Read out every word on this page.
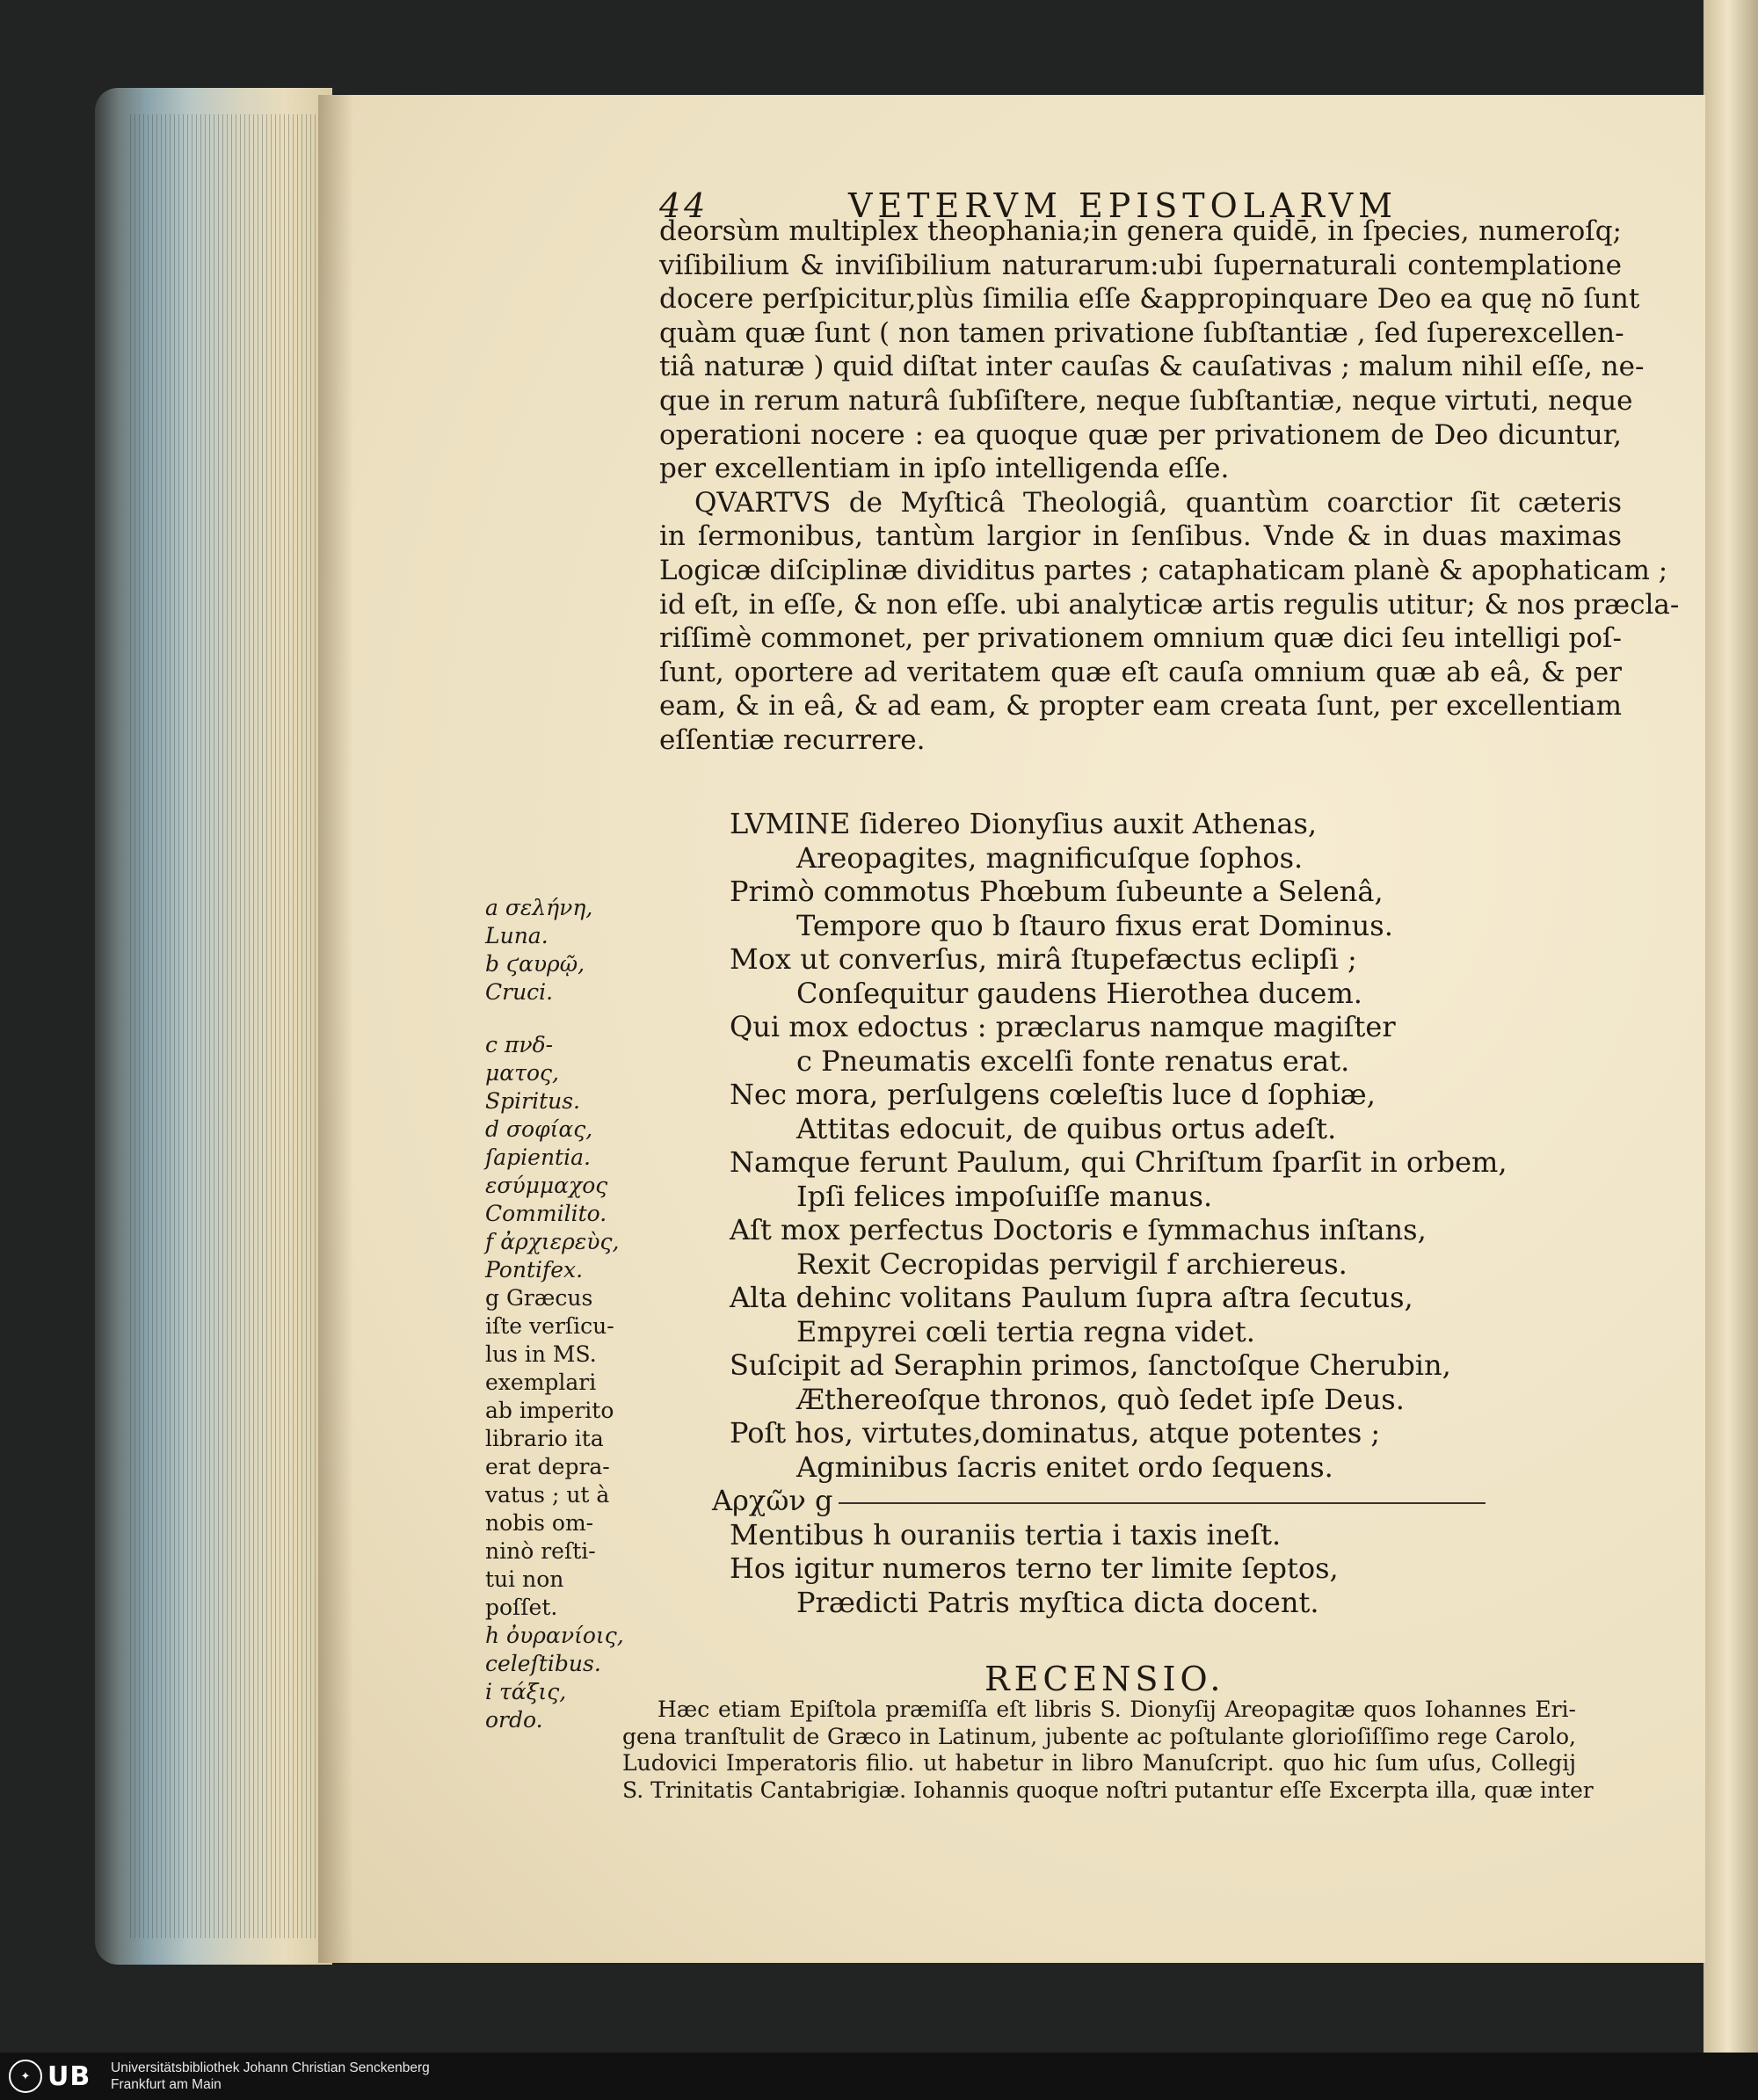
44	VETERVM EPISTOLARVM
deorsùm multiplex theophania;in genera quidē, in ſpecies, numeroſq;
viſibilium & inviſibilium naturarum:ubi ſupernaturali contemplatione
docere perſpicitur,plùs ſimilia eſſe &appropinquare Deo ea quę nō ſunt
quàm quæ ſunt ( non tamen privatione ſubſtantiæ , ſed ſuperexcellen-
tiâ naturæ ) quid diſtat inter cauſas & cauſativas ; malum nihil eſſe, ne-
que in rerum naturâ ſubſiſtere, neque ſubſtantiæ, neque virtuti, neque
operationi nocere : ea quoque quæ per privationem de Deo dicuntur,
per excellentiam in ipſo intelligenda eſſe.
QVARTVS de Myſticâ Theologiâ, quantùm coarctior ſit cæteris
in ſermonibus, tantùm largior in ſenſibus. Vnde & in duas maximas
Logicæ diſciplinæ dividitus partes ; cataphaticam planè & apophaticam ;
id eſt, in eſſe, & non eſſe. ubi analyticæ artis regulis utitur; & nos præcla-
riſſimè commonet, per privationem omnium quæ dici ſeu intelligi poſ-
ſunt, oportere ad veritatem quæ eſt cauſa omnium quæ ab eâ, & per
eam, & in eâ, & ad eam, & propter eam creata ſunt, per excellentiam
eſſentiæ recurrere.
LVMINE ſidereo Dionyſius auxit Athenas,
Areopagites, magnificuſque ſophos.
Primò commotus Phœbum ſubeunte a Selenâ,
Tempore quo b ſtauro fixus erat Dominus.
Mox ut converſus, mirâ ſtupefæctus eclipſi ;
Conſequitur gaudens Hierothea ducem.
Qui mox edoctus : præclarus namque magiſter
c Pneumatis excelſi fonte renatus erat.
Nec mora, perſulgens cœleſtis luce d ſophiæ,
Attitas edocuit, de quibus ortus adeſt.
Namque ferunt Paulum, qui Chriſtum ſparſit in orbem,
Ipſi felices impoſuiſſe manus.
Aſt mox perfectus Doctoris e ſymmachus inſtans,
Rexit Cecropidas pervigil f archiereus.
Alta dehinc volitans Paulum ſupra aſtra ſecutus,
Empyrei cœli tertia regna videt.
Suſcipit ad Seraphin primos, ſanctoſque Cherubin,
Æthereoſque thronos, quò ſedet ipſe Deus.
Poſt hos, virtutes,dominatus, atque potentes ;
Agminibus ſacris enitet ordo ſequens.
Αρχῶν g
Mentibus h ouraniis tertia i taxis ineſt.
Hos igitur numeros terno ter limite ſeptos,
Prædicti Patris myſtica dicta docent.
a σελήνη,
Luna.
b ϛαυρῷ,
Cruci.
c πνδ-
ματος,
Spiritus.
d σοφίας,
ſapientia.
εσύμμαχος
Commilito.
f ἀρχιερεὺς,
Pontifex.
g Græcus
iſte verſicu-
lus in MS.
exemplari
ab imperito
librario ita
erat depra-
vatus ; ut à
nobis om-
ninò reſti-
tui non
poſſet.
h ὀυρανίοις,
celeſtibus.
i τάξις,
ordo.
RECENSIO.
Hæc etiam Epiſtola præmiſſa eſt libris S. Dionyſij Areopagitæ quos Iohannes Eri-
gena tranſtulit de Græco in Latinum, jubente ac poſtulante glorioſiſſimo rege Carolo,
Ludovici Imperatoris filio. ut habetur in libro Manuſcript. quo hic ſum uſus, Collegij
S. Trinitatis Cantabrigiæ. Iohannis quoque noſtri putantur eſſe Excerpta illa, quæ inter
✦ UB Universitätsbibliothek Johann Christian Senckenberg
Frankfurt am Main
